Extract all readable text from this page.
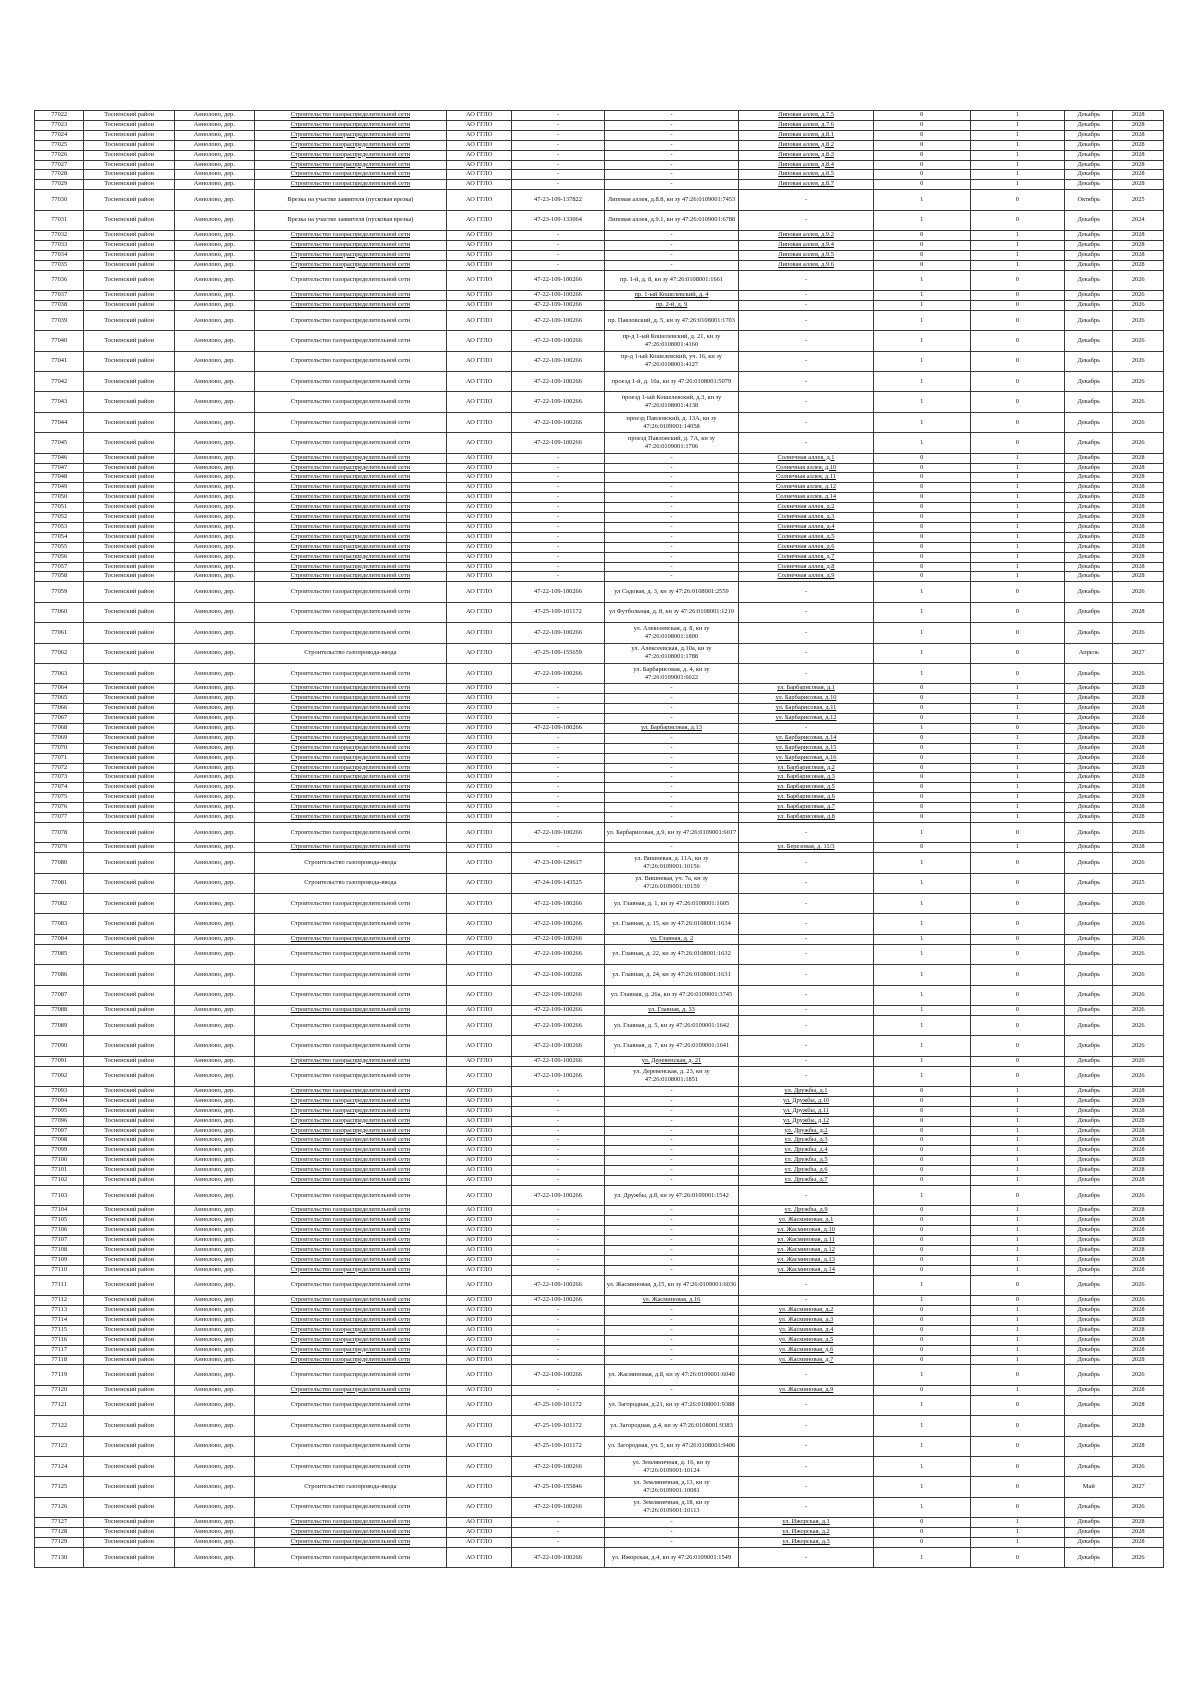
77022	Тосненский район	Аннолово, дер.	Строительство газораспределительной сети	АО ГГЛО	-	-	Липовая аллея, д.7.5	0	1	Декабрь	2028
77023	Тосненский район	Аннолово, дер.	Строительство газораспределительной сети	АО ГГЛО	-	-	Липовая аллея, д.7.6	0	1	Декабрь	2028
77024	Тосненский район	Аннолово, дер.	Строительство газораспределительной сети	АО ГГЛО	-	-	Липовая аллея, д.8.1	0	1	Декабрь	2028
77025	Тосненский район	Аннолово, дер.	Строительство газораспределительной сети	АО ГГЛО	-	-	Липовая аллея, д.8.2	0	1	Декабрь	2028
77026	Тосненский район	Аннолово, дер.	Строительство газораспределительной сети	АО ГГЛО	-	-	Липовая аллея, д.8.3	0	1	Декабрь	2028
77027	Тосненский район	Аннолово, дер.	Строительство газораспределительной сети	АО ГГЛО	-	-	Липовая аллея, д.8.4	0	1	Декабрь	2028
77028	Тосненский район	Аннолово, дер.	Строительство газораспределительной сети	АО ГГЛО	-	-	Липовая аллея, д.8.5	0	1	Декабрь	2028
77029	Тосненский район	Аннолово, дер.	Строительство газораспределительной сети	АО ГГЛО	-	-	Липовая аллея, д.8.7	0	1	Декабрь	2028
77030	Тосненский район	Аннолово, дер.	Врезка на участке заявителя (пусковая врезка)	АО ГГЛО	47-23-109-137822	Липовая аллея, д.8.8, кн зу 47:26:0109001:7453	-	1	0	Октябрь	2025
77031	Тосненский район	Аннолово, дер.	Врезка на участке заявителя (пусковая врезка)	АО ГГЛО	47-23-109-133064	Липовая аллея, д.9.1, кн зу 47:26:0109001:6788	-	1	0	Декабрь	2024
77032	Тосненский район	Аннолово, дер.	Строительство газораспределительной сети	АО ГГЛО	-	-	Липовая аллея, д.9.2	0	1	Декабрь	2028
77033	Тосненский район	Аннолово, дер.	Строительство газораспределительной сети	АО ГГЛО	-	-	Липовая аллея, д.9.4	0	1	Декабрь	2028
77034	Тосненский район	Аннолово, дер.	Строительство газораспределительной сети	АО ГГЛО	-	-	Липовая аллея, д.9.5	0	1	Декабрь	2028
77035	Тосненский район	Аннолово, дер.	Строительство газораспределительной сети	АО ГГЛО	-	-	Липовая аллея, д.9.6	0	1	Декабрь	2028
77036	Тосненский район	Аннолово, дер.	Строительство газораспределительной сети	АО ГГЛО	47-22-109-100266	пр. 1-й, д. 8, кн зу 47:26:0108001:1661	-	1	0	Декабрь	2026
77037	Тосненский район	Аннолово, дер.	Строительство газораспределительной сети	АО ГГЛО	47-22-109-100266	пр. 1-ый Кошелевский, д. 4	-	1	0	Декабрь	2026
77038	Тосненский район	Аннолово, дер.	Строительство газораспределительной сети	АО ГГЛО	47-22-109-100266	пр. 2-й, д. 9	-	1	0	Декабрь	2026
77039	Тосненский район	Аннолово, дер.	Строительство газораспределительной сети	АО ГГЛО	47-22-109-100266	пр. Павловский, д. 5, кн зу 47:26:0108001:1703	-	1	0	Декабрь	2026
77040	Тосненский район	Аннолово, дер.	Строительство газораспределительной сети	АО ГГЛО	47-22-109-100266	пр-д 1-ый Кошелевский, д. 21, кн зу 47:26:0108001:4160	-	1	0	Декабрь	2026
77041	Тосненский район	Аннолово, дер.	Строительство газораспределительной сети	АО ГГЛО	47-22-109-100266	пр-д 1-ый Кошелевский, уч. 16, кн зу 47:26:0108001:4127	-	1	0	Декабрь	2026
77042	Тосненский район	Аннолово, дер.	Строительство газораспределительной сети	АО ГГЛО	47-22-109-100266	проезд 1-й, д. 10а, кн зу 47:26:0108001:5079	-	1	0	Декабрь	2026
77043	Тосненский район	Аннолово, дер.	Строительство газораспределительной сети	АО ГГЛО	47-22-109-100266	проезд 1-ый Кошелевский, д.3, кн зу 47:26:0108001:4138	-	1	0	Декабрь	2026
77044	Тосненский район	Аннолово, дер.	Строительство газораспределительной сети	АО ГГЛО	47-22-109-100266	проезд Павловский, д. 13А, кн зу 47:26:0109001:14058	-	1	0	Декабрь	2026
77045	Тосненский район	Аннолово, дер.	Строительство газораспределительной сети	АО ГГЛО	47-22-109-100266	проезд Павловский, д. 7А, кн зу 47:26:0109001:1706	-	1	0	Декабрь	2026
77046	Тосненский район	Аннолово, дер.	Строительство газораспределительной сети	АО ГГЛО	-	-	Солнечная аллея, д.1	0	1	Декабрь	2028
77047	Тосненский район	Аннолово, дер.	Строительство газораспределительной сети	АО ГГЛО	-	-	Солнечная аллея, д.10	0	1	Декабрь	2028
77048	Тосненский район	Аннолово, дер.	Строительство газораспределительной сети	АО ГГЛО	-	-	Солнечная аллея, д.11	0	1	Декабрь	2028
77049	Тосненский район	Аннолово, дер.	Строительство газораспределительной сети	АО ГГЛО	-	-	Солнечная аллея, д.12	0	1	Декабрь	2028
77050	Тосненский район	Аннолово, дер.	Строительство газораспределительной сети	АО ГГЛО	-	-	Солнечная аллея, д.14	0	1	Декабрь	2028
77051	Тосненский район	Аннолово, дер.	Строительство газораспределительной сети	АО ГГЛО	-	-	Солнечная аллея, д.2	0	1	Декабрь	2028
77052	Тосненский район	Аннолово, дер.	Строительство газораспределительной сети	АО ГГЛО	-	-	Солнечная аллея, д.3	0	1	Декабрь	2028
77053	Тосненский район	Аннолово, дер.	Строительство газораспределительной сети	АО ГГЛО	-	-	Солнечная аллея, д.4	0	1	Декабрь	2028
77054	Тосненский район	Аннолово, дер.	Строительство газораспределительной сети	АО ГГЛО	-	-	Солнечная аллея, д.5	0	1	Декабрь	2028
77055	Тосненский район	Аннолово, дер.	Строительство газораспределительной сети	АО ГГЛО	-	-	Солнечная аллея, д.6	0	1	Декабрь	2028
77056	Тосненский район	Аннолово, дер.	Строительство газораспределительной сети	АО ГГЛО	-	-	Солнечная аллея, д.7	0	1	Декабрь	2028
77057	Тосненский район	Аннолово, дер.	Строительство газораспределительной сети	АО ГГЛО	-	-	Солнечная аллея, д.8	0	1	Декабрь	2028
77058	Тосненский район	Аннолово, дер.	Строительство газораспределительной сети	АО ГГЛО	-	-	Солнечная аллея, д.9	0	1	Декабрь	2028
77059	Тосненский район	Аннолово, дер.	Строительство газораспределительной сети	АО ГГЛО	47-22-109-100266	ул Садовая, д. 3, кн зу 47:26:0108001:2559	-	1	0	Декабрь	2026
77060	Тосненский район	Аннолово, дер.	Строительство газораспределительной сети	АО ГГЛО	47-25-109-101172	ул Футбольная, д. 8, кн зу 47:26:0108001:1210	-	1	0	Декабрь	2028
77061	Тосненский район	Аннолово, дер.	Строительство газораспределительной сети	АО ГГЛО	47-22-109-100266	ул. Алексеевская, д. 8, кн зу 47:26:0108001:1800	-	1	0	Декабрь	2026
77062	Тосненский район	Аннолово, дер.	Строительство газопровода-ввода	АО ГГЛО	47-25-109-155659	ул. Алексеевская, д.10а, кн зу 47:26:0108001:1788	-	1	0	Апрель	2027
77063	Тосненский район	Аннолово, дер.	Строительство газораспределительной сети	АО ГГЛО	47-22-109-100266	ул. Барбарисовая, д. 4, кн зу 47:26:0109001:6022	-	1	0	Декабрь	2026
77064	Тосненский район	Аннолово, дер.	Строительство газораспределительной сети	АО ГГЛО	-	-	ул. Барбарисовая, д.1	0	1	Декабрь	2028
77065	Тосненский район	Аннолово, дер.	Строительство газораспределительной сети	АО ГГЛО	-	-	ул. Барбарисовая, д.10	0	1	Декабрь	2028
77066	Тосненский район	Аннолово, дер.	Строительство газораспределительной сети	АО ГГЛО	-	-	ул. Барбарисовая, д.11	0	1	Декабрь	2028
77067	Тосненский район	Аннолово, дер.	Строительство газораспределительной сети	АО ГГЛО	-	-	ул. Барбарисовая, д.12	0	1	Декабрь	2028
77068	Тосненский район	Аннолово, дер.	Строительство газораспределительной сети	АО ГГЛО	47-22-109-100266	ул. Барбарисовая, д.13	-	1	0	Декабрь	2026
77069	Тосненский район	Аннолово, дер.	Строительство газораспределительной сети	АО ГГЛО	-	-	ул. Барбарисовая, д.14	0	1	Декабрь	2028
77070	Тосненский район	Аннолово, дер.	Строительство газораспределительной сети	АО ГГЛО	-	-	ул. Барбарисовая, д.15	0	1	Декабрь	2028
77071	Тосненский район	Аннолово, дер.	Строительство газораспределительной сети	АО ГГЛО	-	-	ул. Барбарисовая, д.16	0	1	Декабрь	2028
77072	Тосненский район	Аннолово, дер.	Строительство газораспределительной сети	АО ГГЛО	-	-	ул. Барбарисовая, д.2	0	1	Декабрь	2028
77073	Тосненский район	Аннолово, дер.	Строительство газораспределительной сети	АО ГГЛО	-	-	ул. Барбарисовая, д.3	0	1	Декабрь	2028
77074	Тосненский район	Аннолово, дер.	Строительство газораспределительной сети	АО ГГЛО	-	-	ул. Барбарисовая, д.5	0	1	Декабрь	2028
77075	Тосненский район	Аннолово, дер.	Строительство газораспределительной сети	АО ГГЛО	-	-	ул. Барбарисовая, д.6	0	1	Декабрь	2028
77076	Тосненский район	Аннолово, дер.	Строительство газораспределительной сети	АО ГГЛО	-	-	ул. Барбарисовая, д.7	0	1	Декабрь	2028
77077	Тосненский район	Аннолово, дер.	Строительство газораспределительной сети	АО ГГЛО	-	-	ул. Барбарисовая, д.8	0	1	Декабрь	2028
77078	Тосненский район	Аннолово, дер.	Строительство газораспределительной сети	АО ГГЛО	47-22-109-100266	ул. Барбарисовая, д.9, кн зу 47:26:0109001:6017	-	1	0	Декабрь	2026
77079	Тосненский район	Аннолово, дер.	Строительство газораспределительной сети	АО ГГЛО	-	-	ул. Березовая, д. 11/3	0	1	Декабрь	2028
77080	Тосненский район	Аннолово, дер.	Строительство газопровода-ввода	АО ГГЛО	47-23-109-129617	ул. Вишневая, д. 11А, кн зу 47:26:0109001:10156	-	1	0	Декабрь	2026
77081	Тосненский район	Аннолово, дер.	Строительство газопровода-ввода	АО ГГЛО	47-24-109-143525	ул. Вишневая, уч. 7а, кн зу 47:26:0109001:10159	-	1	0	Декабрь	2025
77082	Тосненский район	Аннолово, дер.	Строительство газораспределительной сети	АО ГГЛО	47-22-109-100266	ул. Главная, д. 1, кн зу 47:26:0108001:1605	-	1	0	Декабрь	2026
77083	Тосненский район	Аннолово, дер.	Строительство газораспределительной сети	АО ГГЛО	47-22-109-100266	ул. Главная, д. 15, кн зу 47:26:0108001:1634	-	1	0	Декабрь	2026
77084	Тосненский район	Аннолово, дер.	Строительство газораспределительной сети	АО ГГЛО	47-22-109-100266	ул. Главная, д. 2	-	1	0	Декабрь	2026
77085	Тосненский район	Аннолово, дер.	Строительство газораспределительной сети	АО ГГЛО	47-22-109-100266	ул. Главная, д. 22, кн зу 47:26:0108001:1632	-	1	0	Декабрь	2026
77086	Тосненский район	Аннолово, дер.	Строительство газораспределительной сети	АО ГГЛО	47-22-109-100266	ул. Главная, д. 24, кн зу 47:26:0108001:1631	-	1	0	Декабрь	2026
77087	Тосненский район	Аннолово, дер.	Строительство газораспределительной сети	АО ГГЛО	47-22-109-100266	ул. Главная, д. 26а, кн зу 47:26:0109001:3745	-	1	0	Декабрь	2026
77088	Тосненский район	Аннолово, дер.	Строительство газораспределительной сети	АО ГГЛО	47-22-109-100266	ул. Главная, д. 33	-	1	0	Декабрь	2026
77089	Тосненский район	Аннолово, дер.	Строительство газораспределительной сети	АО ГГЛО	47-22-109-100266	ул. Главная, д. 5, кн зу 47:26:0109001:1642	-	1	0	Декабрь	2026
77090	Тосненский район	Аннолово, дер.	Строительство газораспределительной сети	АО ГГЛО	47-22-109-100266	ул. Главная, д. 7, кн зу 47:26:0109001:1641	-	1	0	Декабрь	2026
77091	Тосненский район	Аннолово, дер.	Строительство газораспределительной сети	АО ГГЛО	47-22-109-100266	ул. Деревенская, д. 21	-	1	0	Декабрь	2026
77092	Тосненский район	Аннолово, дер.	Строительство газораспределительной сети	АО ГГЛО	47-22-109-100266	ул. Деревенская, д. 23, кн зу 47:26:0108001:1851	-	1	0	Декабрь	2026
77093	Тосненский район	Аннолово, дер.	Строительство газораспределительной сети	АО ГГЛО	-	-	ул. Дружбы, д.1	0	1	Декабрь	2028
77094	Тосненский район	Аннолово, дер.	Строительство газораспределительной сети	АО ГГЛО	-	-	ул. Дружбы, д.10	0	1	Декабрь	2028
77095	Тосненский район	Аннолово, дер.	Строительство газораспределительной сети	АО ГГЛО	-	-	ул. Дружбы, д.11	0	1	Декабрь	2028
77096	Тосненский район	Аннолово, дер.	Строительство газораспределительной сети	АО ГГЛО	-	-	ул. Дружбы, д.12	0	1	Декабрь	2028
77097	Тосненский район	Аннолово, дер.	Строительство газораспределительной сети	АО ГГЛО	-	-	ул. Дружбы, д.2	0	1	Декабрь	2028
77098	Тосненский район	Аннолово, дер.	Строительство газораспределительной сети	АО ГГЛО	-	-	ул. Дружбы, д.3	0	1	Декабрь	2028
77099	Тосненский район	Аннолово, дер.	Строительство газораспределительной сети	АО ГГЛО	-	-	ул. Дружбы, д.4	0	1	Декабрь	2028
77100	Тосненский район	Аннолово, дер.	Строительство газораспределительной сети	АО ГГЛО	-	-	ул. Дружбы, д.5	0	1	Декабрь	2028
77101	Тосненский район	Аннолово, дер.	Строительство газораспределительной сети	АО ГГЛО	-	-	ул. Дружбы, д.6	0	1	Декабрь	2028
77102	Тосненский район	Аннолово, дер.	Строительство газораспределительной сети	АО ГГЛО	-	-	ул. Дружбы, д.7	0	1	Декабрь	2028
77103	Тосненский район	Аннолово, дер.	Строительство газораспределительной сети	АО ГГЛО	47-22-109-100266	ул. Дружбы, д.8, кн зу 47:26:0109001:1542	-	1	0	Декабрь	2026
77104	Тосненский район	Аннолово, дер.	Строительство газораспределительной сети	АО ГГЛО	-	-	ул. Дружбы, д.9	0	1	Декабрь	2028
77105	Тосненский район	Аннолово, дер.	Строительство газораспределительной сети	АО ГГЛО	-	-	ул. Жасминовая, д.1	0	1	Декабрь	2028
77106	Тосненский район	Аннолово, дер.	Строительство газораспределительной сети	АО ГГЛО	-	-	ул. Жасминовая, д.10	0	1	Декабрь	2028
77107	Тосненский район	Аннолово, дер.	Строительство газораспределительной сети	АО ГГЛО	-	-	ул. Жасминовая, д.11	0	1	Декабрь	2028
77108	Тосненский район	Аннолово, дер.	Строительство газораспределительной сети	АО ГГЛО	-	-	ул. Жасминовая, д.12	0	1	Декабрь	2028
77109	Тосненский район	Аннолово, дер.	Строительство газораспределительной сети	АО ГГЛО	-	-	ул. Жасминовая, д.13	0	1	Декабрь	2028
77110	Тосненский район	Аннолово, дер.	Строительство газораспределительной сети	АО ГГЛО	-	-	ул. Жасминовая, д.14	0	1	Декабрь	2028
77111	Тосненский район	Аннолово, дер.	Строительство газораспределительной сети	АО ГГЛО	47-22-109-100266	ул. Жасминовая, д.15, кн зу 47:26:0109001:6036	-	1	0	Декабрь	2026
77112	Тосненский район	Аннолово, дер.	Строительство газораспределительной сети	АО ГГЛО	47-22-109-100266	ул. Жасминовая, д.16	-	1	0	Декабрь	2026
77113	Тосненский район	Аннолово, дер.	Строительство газораспределительной сети	АО ГГЛО	-	-	ул. Жасминовая, д.2	0	1	Декабрь	2028
77114	Тосненский район	Аннолово, дер.	Строительство газораспределительной сети	АО ГГЛО	-	-	ул. Жасминовая, д.3	0	1	Декабрь	2028
77115	Тосненский район	Аннолово, дер.	Строительство газораспределительной сети	АО ГГЛО	-	-	ул. Жасминовая, д.4	0	1	Декабрь	2028
77116	Тосненский район	Аннолово, дер.	Строительство газораспределительной сети	АО ГГЛО	-	-	ул. Жасминовая, д.5	0	1	Декабрь	2028
77117	Тосненский район	Аннолово, дер.	Строительство газораспределительной сети	АО ГГЛО	-	-	ул. Жасминовая, д.6	0	1	Декабрь	2028
77118	Тосненский район	Аннолово, дер.	Строительство газораспределительной сети	АО ГГЛО	-	-	ул. Жасминовая, д.7	0	1	Декабрь	2028
77119	Тосненский район	Аннолово, дер.	Строительство газораспределительной сети	АО ГГЛО	47-22-109-100266	ул. Жасминовая, д.8, кн зу 47:26:0109001:6040	-	1	0	Декабрь	2026
77120	Тосненский район	Аннолово, дер.	Строительство газораспределительной сети	АО ГГЛО	-	-	ул. Жасминовая, д.9	0	1	Декабрь	2028
77121	Тосненский район	Аннолово, дер.	Строительство газораспределительной сети	АО ГГЛО	47-25-109-101172	ул. Загородная, д.21, кн зу 47:26:0108001:9388	-	1	0	Декабрь	2028
77122	Тосненский район	Аннолово, дер.	Строительство газораспределительной сети	АО ГГЛО	47-25-109-101172	ул. Загородная, д.4, кн зу 47:26:0108001:9383	-	1	0	Декабрь	2028
77123	Тосненский район	Аннолово, дер.	Строительство газораспределительной сети	АО ГГЛО	47-25-109-101172	ул. Загородная, уч. 5, кн зу 47:26:0108001:9406	-	1	0	Декабрь	2028
77124	Тосненский район	Аннолово, дер.	Строительство газораспределительной сети	АО ГГЛО	47-22-109-100266	ул. Земляничная, д. 16, кн зу 47:26:0109001:10124	-	1	0	Декабрь	2026
77125	Тосненский район	Аннолово, дер.	Строительство газопровода-ввода	АО ГГЛО	47-25-109-155846	ул. Земляничная, д.13, кн зу 47:26:0109001:10081	-	1	0	Май	2027
77126	Тосненский район	Аннолово, дер.	Строительство газораспределительной сети	АО ГГЛО	47-22-109-100266	ул. Земляничная, д.18, кн зу 47:26:0109001:10113	-	1	0	Декабрь	2026
77127	Тосненский район	Аннолово, дер.	Строительство газораспределительной сети	АО ГГЛО	-	-	ул. Ижорская, д.1	0	1	Декабрь	2028
77128	Тосненский район	Аннолово, дер.	Строительство газораспределительной сети	АО ГГЛО	-	-	ул. Ижорская, д.2	0	1	Декабрь	2028
77129	Тосненский район	Аннолово, дер.	Строительство газораспределительной сети	АО ГГЛО	-	-	ул. Ижорская, д.3	0	1	Декабрь	2028
77130	Тосненский район	Аннолово, дер.	Строительство газораспределительной сети	АО ГГЛО	47-22-109-100266	ул. Ижорская, д.4, кн зу 47:26:0109001:1549	-	1	0	Декабрь	2026
